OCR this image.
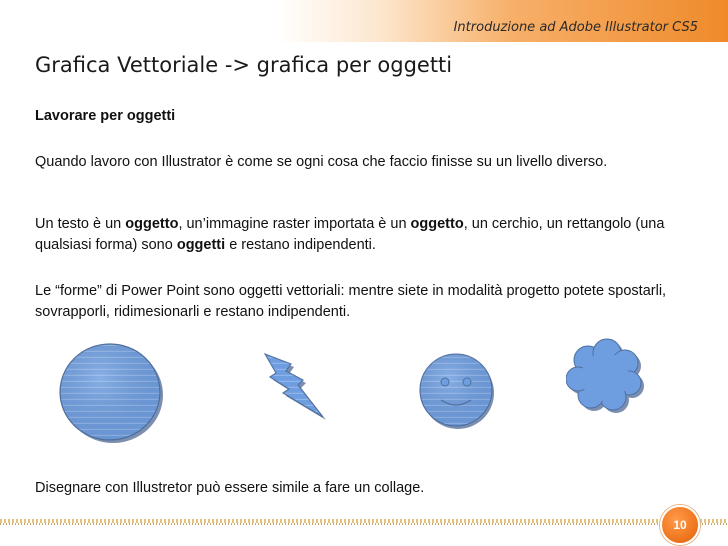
Introduzione ad Adobe Illustrator CS5
Grafica Vettoriale -> grafica per oggetti
Lavorare per oggetti
Quando lavoro con Illustrator è come se ogni cosa che faccio finisse su un livello diverso.
Un testo è un oggetto, un’immagine raster importata è un oggetto, un cerchio, un rettangolo (una qualsiasi forma) sono oggetti e restano indipendenti.
Le “forme” di Power Point sono oggetti vettoriali: mentre siete in modalità progetto potete spostarli, sovrapporli, ridimesionarli e restano indipendenti.
Disegnare con Illustretor può essere simile a fare un collage.
10
